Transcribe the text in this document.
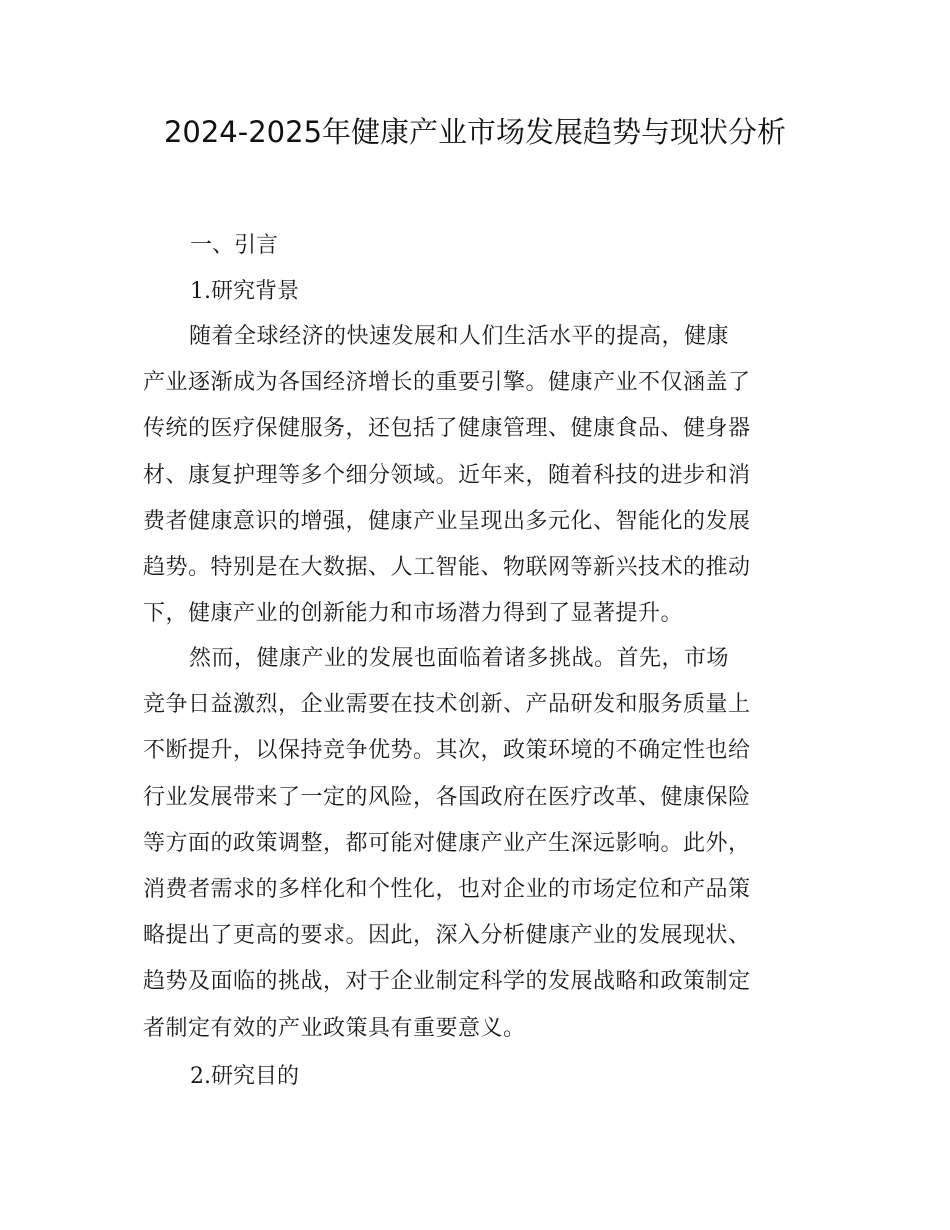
2024-2025年健康产业市场发展趋势与现状分析
一、引言
1.研究背景
随着全球经济的快速发展和人们生活水平的提高，健康
产业逐渐成为各国经济增长的重要引擎。健康产业不仅涵盖了
传统的医疗保健服务，还包括了健康管理、健康食品、健身器
材、康复护理等多个细分领域。近年来，随着科技的进步和消
费者健康意识的增强，健康产业呈现出多元化、智能化的发展
趋势。特别是在大数据、人工智能、物联网等新兴技术的推动
下，健康产业的创新能力和市场潜力得到了显著提升。
然而，健康产业的发展也面临着诸多挑战。首先，市场
竞争日益激烈，企业需要在技术创新、产品研发和服务质量上
不断提升，以保持竞争优势。其次，政策环境的不确定性也给
行业发展带来了一定的风险，各国政府在医疗改革、健康保险
等方面的政策调整，都可能对健康产业产生深远影响。此外，
消费者需求的多样化和个性化，也对企业的市场定位和产品策
略提出了更高的要求。因此，深入分析健康产业的发展现状、
趋势及面临的挑战，对于企业制定科学的发展战略和政策制定
者制定有效的产业政策具有重要意义。
2.研究目的
